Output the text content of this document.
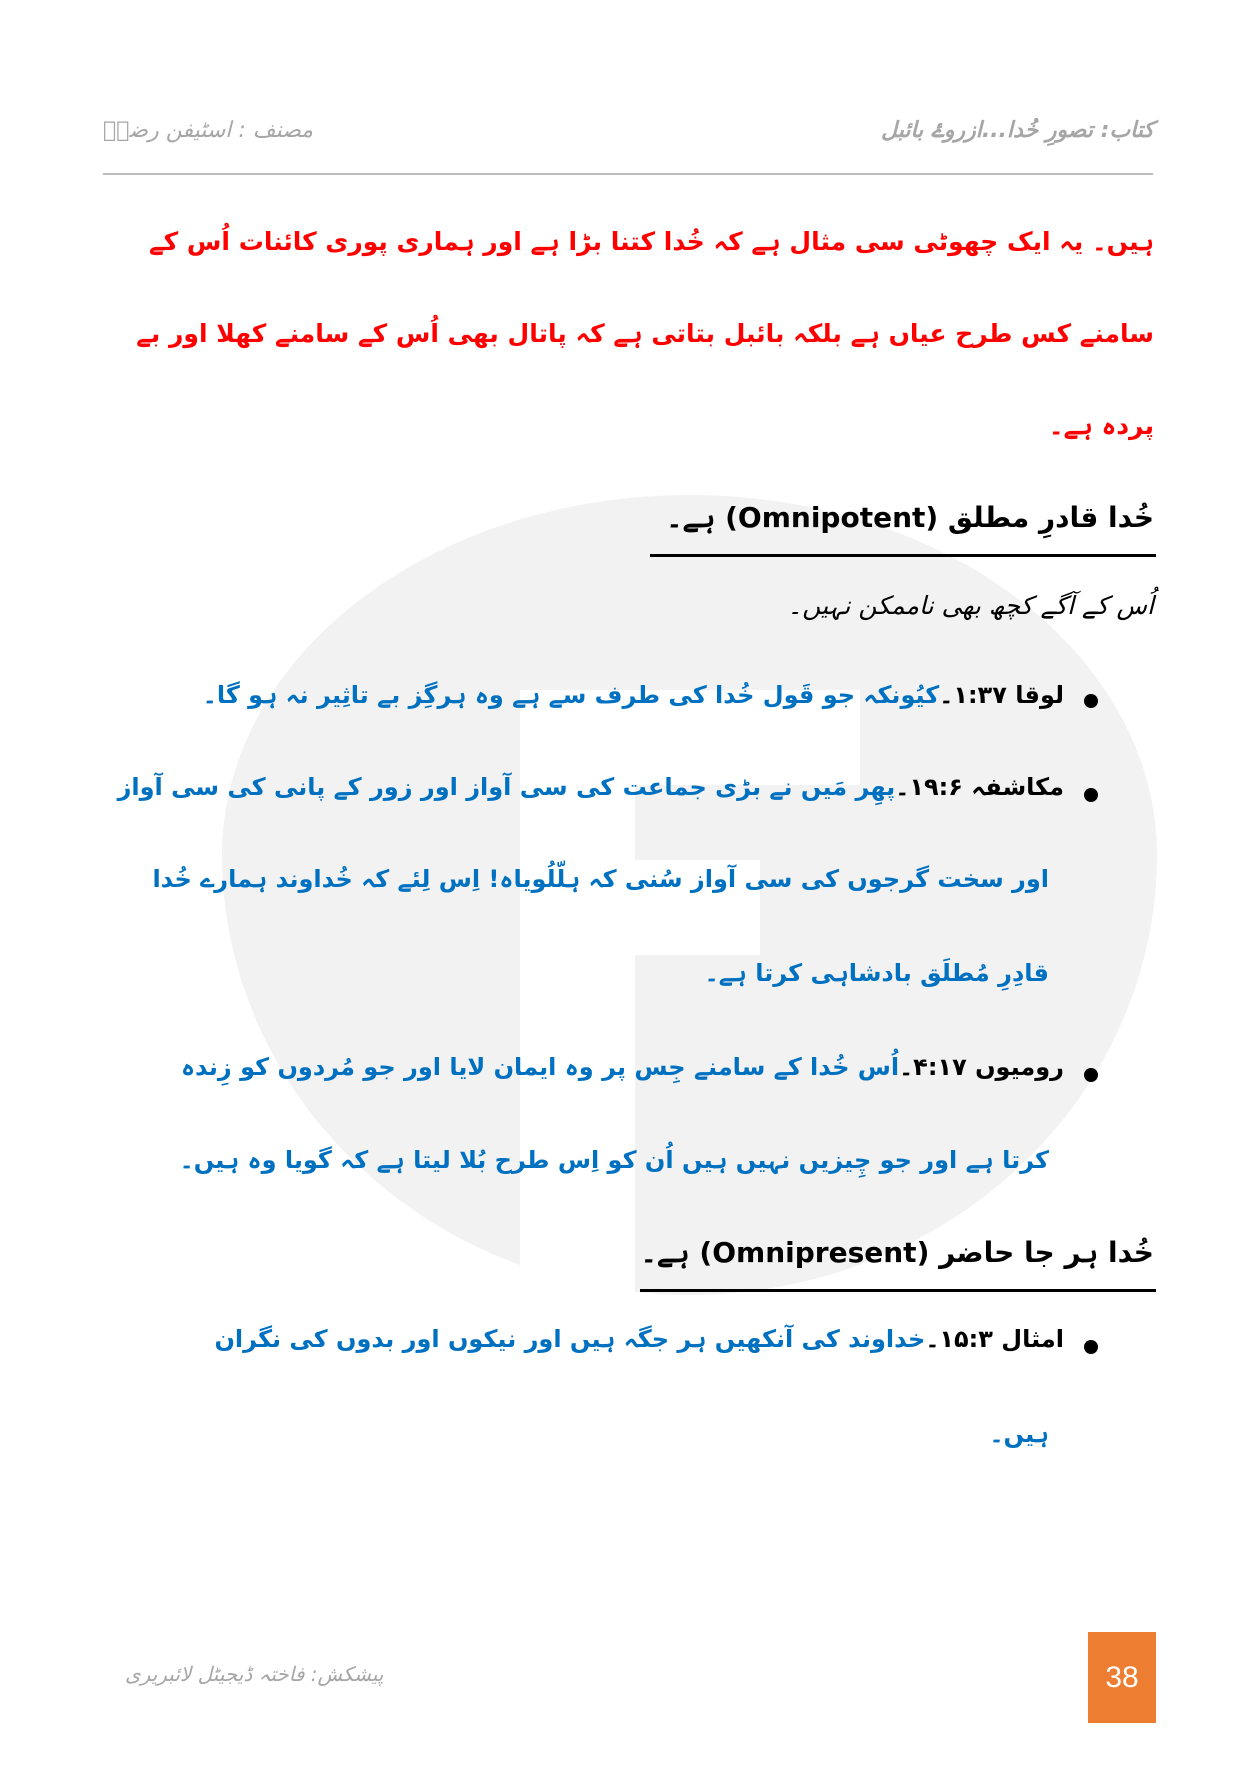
کتاب: تصورِ خُدا...ازروۓ بائبل
مصنف : اسٹیفن رضاؔ
ہیں۔ یہ ایک چھوٹی سی مثال ہے کہ خُدا کتنا بڑا ہے اور ہماری پوری کائنات اُس کے
سامنے کس طرح عیاں ہے بلکہ بائبل بتاتی ہے کہ پاتال بھی اُس کے سامنے کھلا اور بے
پردہ ہے۔
خُدا قادرِ مطلق (Omnipotent) ہے۔
اُس کے آگے کچھ بھی ناممکن نہیں۔
لوقا ۱:۳۷۔کیُونکہ جو قَول خُدا کی طرف سے ہے وہ ہرگِز بے تاثِیر نہ ہو گا۔
مکاشفہ ۱۹:۶۔پھِر مَیں نے بڑی جماعت کی سی آواز اور زور کے پانی کی سی آواز
اور سخت گرجوں کی سی آواز سُنی کہ ہلّلُویاہ! اِس لِئے کہ خُداوند ہمارے خُدا
قادِرِ مُطلَق بادشاہی کرتا ہے۔
رومیوں ۴:۱۷۔اُس خُدا کے سامنے جِس پر وہ ایمان لایا اور جو مُردوں کو زِندہ
کرتا ہے اور جو چِیزیں نہیں ہیں اُن کو اِس طرح بُلا لیتا ہے کہ گویا وہ ہیں۔
خُدا ہر جا حاضر (Omnipresent) ہے۔
امثال ۱۵:۳۔خداوند کی آنکھیں ہر جگہ ہیں اور نیکوں اور بدوں کی نگران
ہیں۔
پیشکش: فاختہ ڈیجیٹل لائبریری	38
